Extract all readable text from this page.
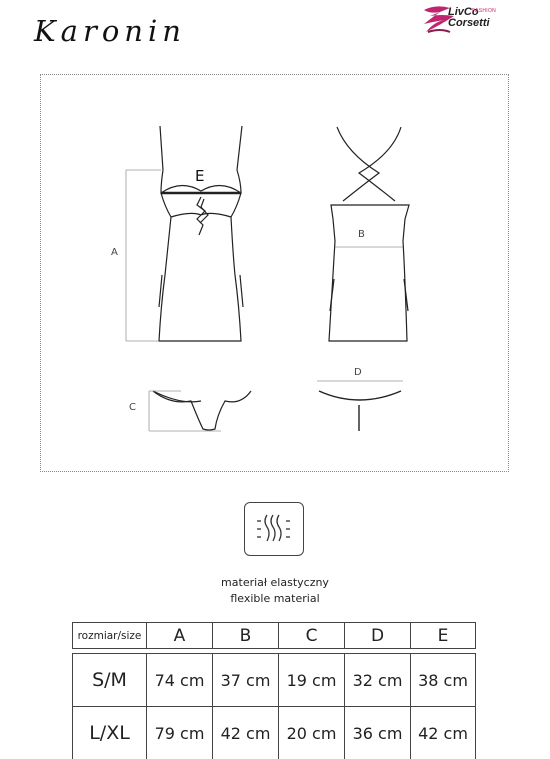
Karonin
LivCo
FASHION
Corsetti
E
A
B
C
D
materiał elastyczny
flexible material
rozmiar/size	A	B	C	D	E

S/M	74 cm	37 cm	19 cm	32 cm	38 cm
L/XL	79 cm	42 cm	20 cm	36 cm	42 cm
